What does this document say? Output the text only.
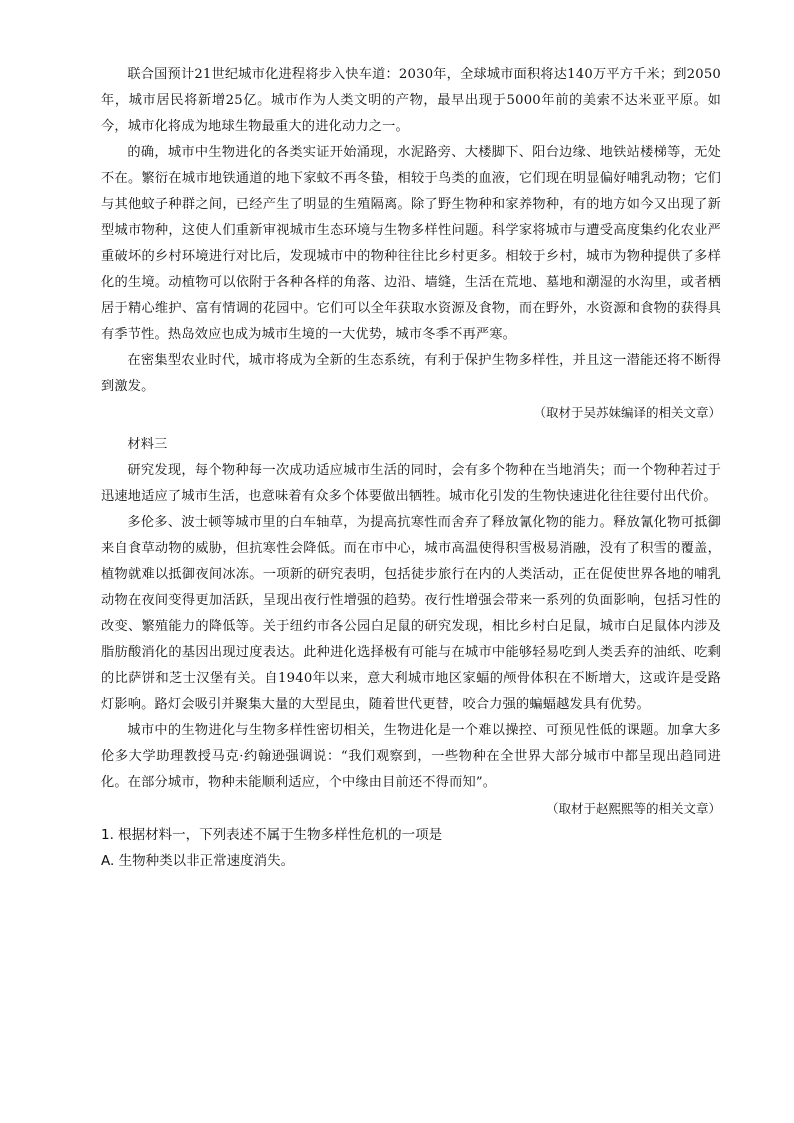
联合国预计21世纪城市化进程将步入快车道：2030年，全球城市面积将达140万平方千米；到2050年，城市居民将新增25亿。城市作为人类文明的产物，最早出现于5000年前的美索不达米亚平原。如今，城市化将成为地球生物最重大的进化动力之一。

的确，城市中生物进化的各类实证开始涌现，水泥路旁、大楼脚下、阳台边缘、地铁站楼梯等，无处不在。繁衍在城市地铁通道的地下家蚊不再冬蛰，相较于鸟类的血液，它们现在明显偏好哺乳动物；它们与其他蚊子种群之间，已经产生了明显的生殖隔离。除了野生物种和家养物种，有的地方如今又出现了新型城市物种，这使人们重新审视城市生态环境与生物多样性问题。科学家将城市与遭受高度集约化农业严重破坏的乡村环境进行对比后，发现城市中的物种往往比乡村更多。相较于乡村，城市为物种提供了多样化的生境。动植物可以依附于各种各样的角落、边沿、墙缝，生活在荒地、墓地和潮湿的水沟里，或者栖居于精心维护、富有情调的花园中。它们可以全年获取水资源及食物，而在野外，水资源和食物的获得具有季节性。热岛效应也成为城市生境的一大优势，城市冬季不再严寒。

在密集型农业时代，城市将成为全新的生态系统，有利于保护生物多样性，并且这一潜能还将不断得到激发。

（取材于吴苏妹编译的相关文章）

材料三

研究发现，每个物种每一次成功适应城市生活的同时，会有多个物种在当地消失；而一个物种若过于迅速地适应了城市生活，也意味着有众多个体要做出牺牲。城市化引发的生物快速进化往往要付出代价。

多伦多、波士顿等城市里的白车轴草，为提高抗寒性而舍弃了释放氰化物的能力。释放氰化物可抵御来自食草动物的威胁，但抗寒性会降低。而在市中心，城市高温使得积雪极易消融，没有了积雪的覆盖，植物就难以抵御夜间冰冻。一项新的研究表明，包括徒步旅行在内的人类活动，正在促使世界各地的哺乳动物在夜间变得更加活跃，呈现出夜行性增强的趋势。夜行性增强会带来一系列的负面影响，包括习性的改变、繁殖能力的降低等。关于纽约市各公园白足鼠的研究发现，相比乡村白足鼠，城市白足鼠体内涉及脂肪酸消化的基因出现过度表达。此种进化选择极有可能与在城市中能够轻易吃到人类丢弃的油纸、吃剩的比萨饼和芝士汉堡有关。自1940年以来，意大利城市地区家蝠的颅骨体积在不断增大，这或许是受路灯影响。路灯会吸引并聚集大量的大型昆虫，随着世代更替，咬合力强的蝙蝠越发具有优势。

城市中的生物进化与生物多样性密切相关，生物进化是一个难以操控、可预见性低的课题。加拿大多伦多大学助理教授马克·约翰逊强调说：“我们观察到，一些物种在全世界大部分城市中都呈现出趋同进化。在部分城市，物种未能顺利适应，个中缘由目前还不得而知”。

（取材于赵熙熙等的相关文章）

1. 根据材料一，下列表述不属于生物多样性危机的一项是

A. 生物种类以非正常速度消失。
